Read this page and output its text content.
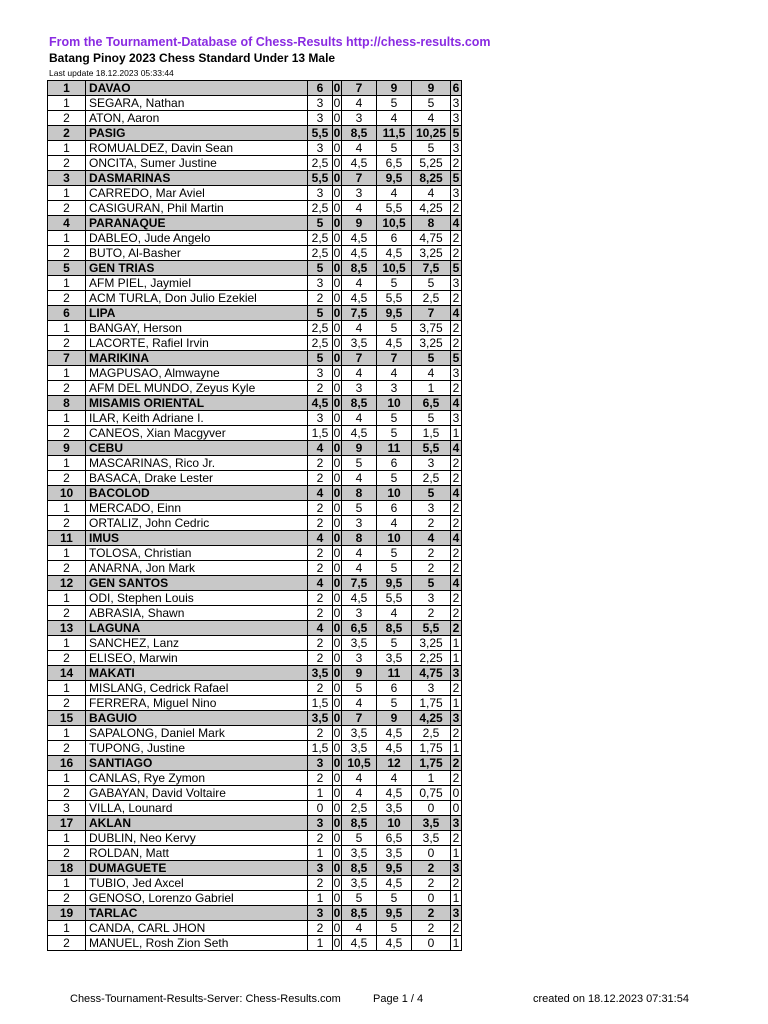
From the Tournament-Database of Chess-Results http://chess-results.com
Batang Pinoy 2023 Chess Standard Under 13 Male
Last update 18.12.2023 05:33:44
1	DAVAO	6	0	7	9	9	6
1	SEGARA, Nathan	3	0	4	5	5	3
2	ATON, Aaron	3	0	3	4	4	3
2	PASIG	5,5	0	8,5	11,5	10,25	5
1	ROMUALDEZ, Davin Sean	3	0	4	5	5	3
2	ONCITA, Sumer Justine	2,5	0	4,5	6,5	5,25	2
3	DASMARINAS	5,5	0	7	9,5	8,25	5
1	CARREDO, Mar Aviel	3	0	3	4	4	3
2	CASIGURAN, Phil Martin	2,5	0	4	5,5	4,25	2
4	PARANAQUE	5	0	9	10,5	8	4
1	DABLEO, Jude Angelo	2,5	0	4,5	6	4,75	2
2	BUTO, Al-Basher	2,5	0	4,5	4,5	3,25	2
5	GEN TRIAS	5	0	8,5	10,5	7,5	5
1	AFM PIEL, Jaymiel	3	0	4	5	5	3
2	ACM TURLA, Don Julio Ezekiel	2	0	4,5	5,5	2,5	2
6	LIPA	5	0	7,5	9,5	7	4
1	BANGAY, Herson	2,5	0	4	5	3,75	2
2	LACORTE, Rafiel Irvin	2,5	0	3,5	4,5	3,25	2
7	MARIKINA	5	0	7	7	5	5
1	MAGPUSAO, Almwayne	3	0	4	4	4	3
2	AFM DEL MUNDO, Zeyus Kyle	2	0	3	3	1	2
8	MISAMIS ORIENTAL	4,5	0	8,5	10	6,5	4
1	ILAR, Keith Adriane I.	3	0	4	5	5	3
2	CANEOS, Xian Macgyver	1,5	0	4,5	5	1,5	1
9	CEBU	4	0	9	11	5,5	4
1	MASCARINAS, Rico Jr.	2	0	5	6	3	2
2	BASACA, Drake Lester	2	0	4	5	2,5	2
10	BACOLOD	4	0	8	10	5	4
1	MERCADO, Einn	2	0	5	6	3	2
2	ORTALIZ, John Cedric	2	0	3	4	2	2
11	IMUS	4	0	8	10	4	4
1	TOLOSA, Christian	2	0	4	5	2	2
2	ANARNA, Jon Mark	2	0	4	5	2	2
12	GEN SANTOS	4	0	7,5	9,5	5	4
1	ODI, Stephen Louis	2	0	4,5	5,5	3	2
2	ABRASIA, Shawn	2	0	3	4	2	2
13	LAGUNA	4	0	6,5	8,5	5,5	2
1	SANCHEZ, Lanz	2	0	3,5	5	3,25	1
2	ELISEO, Marwin	2	0	3	3,5	2,25	1
14	MAKATI	3,5	0	9	11	4,75	3
1	MISLANG, Cedrick Rafael	2	0	5	6	3	2
2	FERRERA, Miguel Nino	1,5	0	4	5	1,75	1
15	BAGUIO	3,5	0	7	9	4,25	3
1	SAPALONG, Daniel Mark	2	0	3,5	4,5	2,5	2
2	TUPONG, Justine	1,5	0	3,5	4,5	1,75	1
16	SANTIAGO	3	0	10,5	12	1,75	2
1	CANLAS, Rye Zymon	2	0	4	4	1	2
2	GABAYAN, David Voltaire	1	0	4	4,5	0,75	0
3	VILLA, Lounard	0	0	2,5	3,5	0	0
17	AKLAN	3	0	8,5	10	3,5	3
1	DUBLIN, Neo Kervy	2	0	5	6,5	3,5	2
2	ROLDAN, Matt	1	0	3,5	3,5	0	1
18	DUMAGUETE	3	0	8,5	9,5	2	3
1	TUBIO, Jed Axcel	2	0	3,5	4,5	2	2
2	GENOSO, Lorenzo Gabriel	1	0	5	5	0	1
19	TARLAC	3	0	8,5	9,5	2	3
1	CANDA, CARL JHON	2	0	4	5	2	2
2	MANUEL, Rosh Zion Seth	1	0	4,5	4,5	0	1
Chess-Tournament-Results-Server: Chess-Results.com	Page 1 / 4	created on 18.12.2023 07:31:54
